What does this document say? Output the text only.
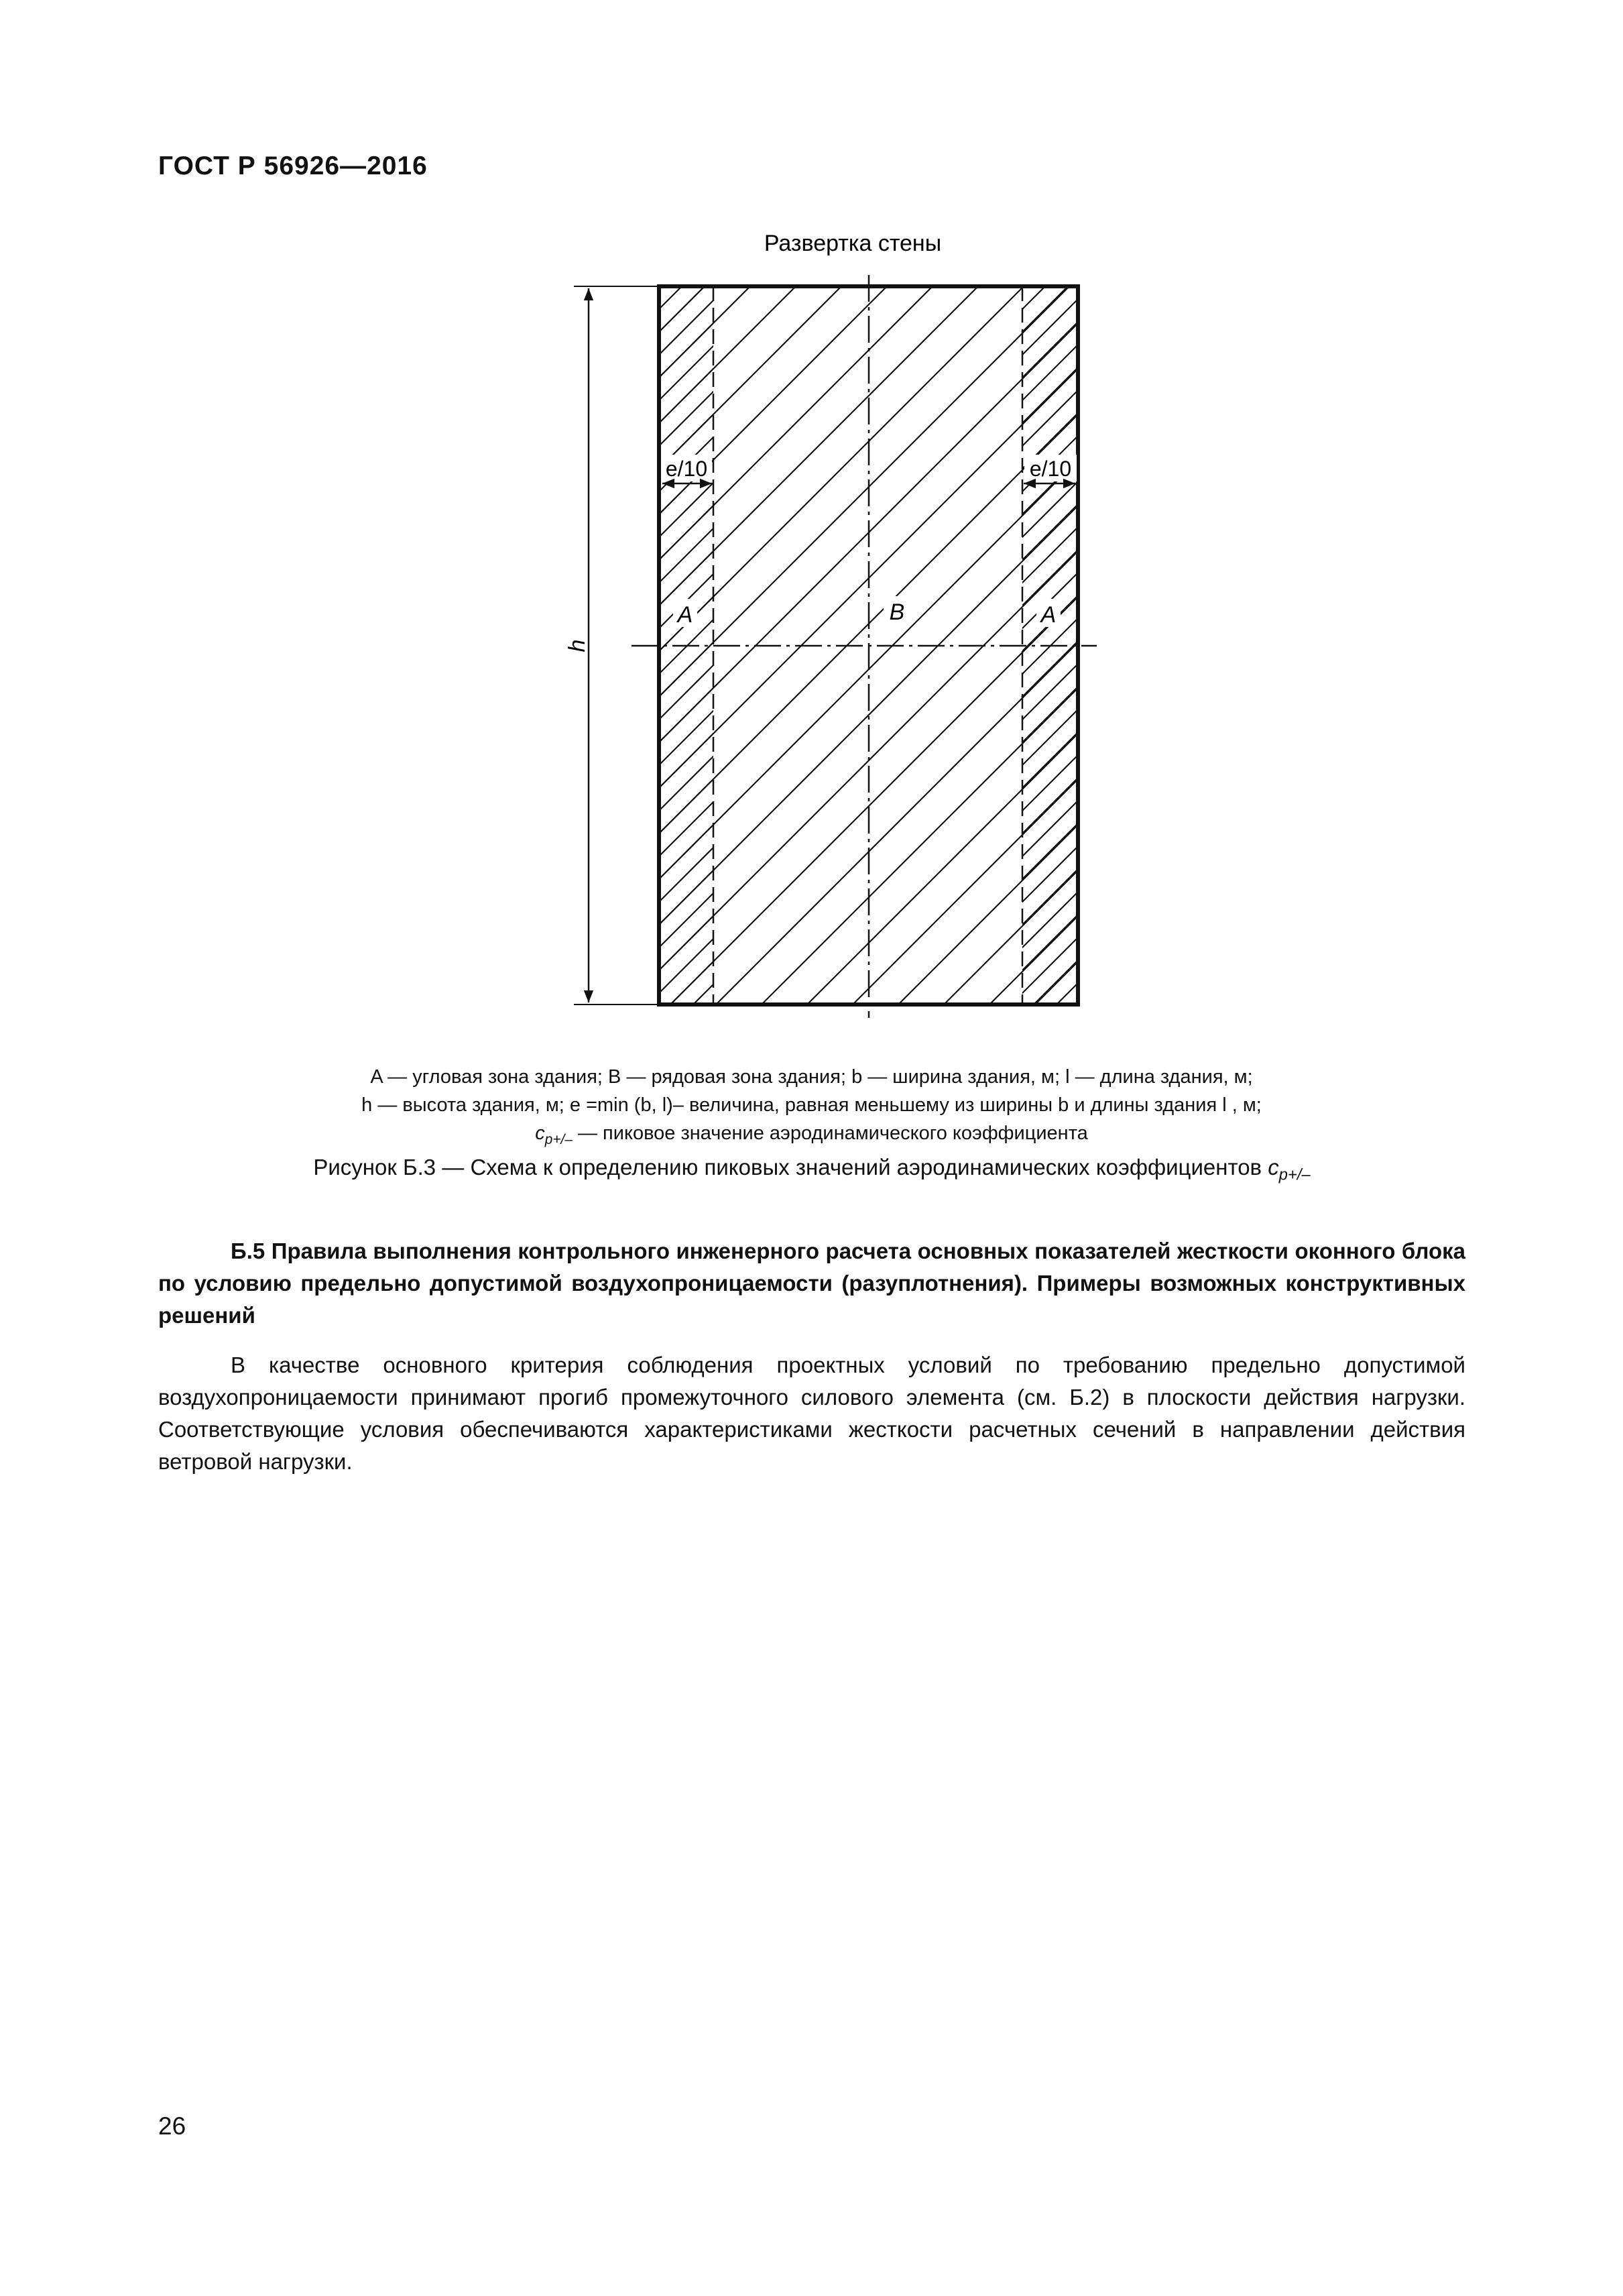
ГОСТ Р 56926—2016
Развертка стены
h
e/10	e/10
A	B	A
A — угловая зона здания; B — рядовая зона здания; b — ширина здания, м; l — длина здания, м;
h — высота здания, м; e =min (b, l)– величина, равная меньшему из ширины b и длины здания l , м;
$c_{p+/-}$ — пиковое значение аэродинамического коэффициента
Рисунок Б.3 — Схема к определению пиковых значений аэродинамических коэффициентов $c_{p+/-}$
Б.5 Правила выполнения контрольного инженерного расчета основных показателей жесткости оконного блока по условию предельно допустимой воздухопроницаемости (разуплотнения). Примеры возможных конструктивных решений
В качестве основного критерия соблюдения проектных условий по требованию предельно допустимой воздухопроницаемости принимают прогиб промежуточного силового элемента (см. Б.2) в плоскости действия нагрузки. Соответствующие условия обеспечиваются характеристиками жесткости расчетных сечений в направлении действия ветровой нагрузки.
26
